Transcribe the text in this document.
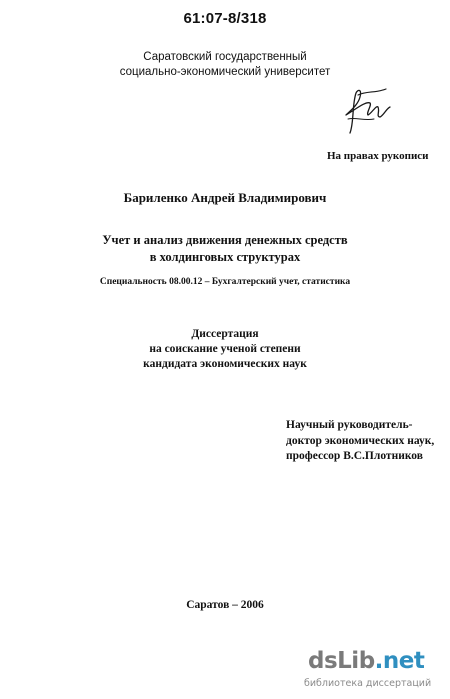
61:07-8/318
Саратовский государственный
социально-экономический университет
На правах рукописи
Бариленко Андрей Владимирович
Учет и анализ движения денежных средств
в холдинговых структурах
Специальность 08.00.12 – Бухгалтерский учет, статистика
Диссертация
на соискание ученой степени
кандидата экономических наук
Научный руководитель-
доктор экономических наук,
профессор В.С.Плотников
Саратов – 2006
dsLib.net
библиотека диссертаций
